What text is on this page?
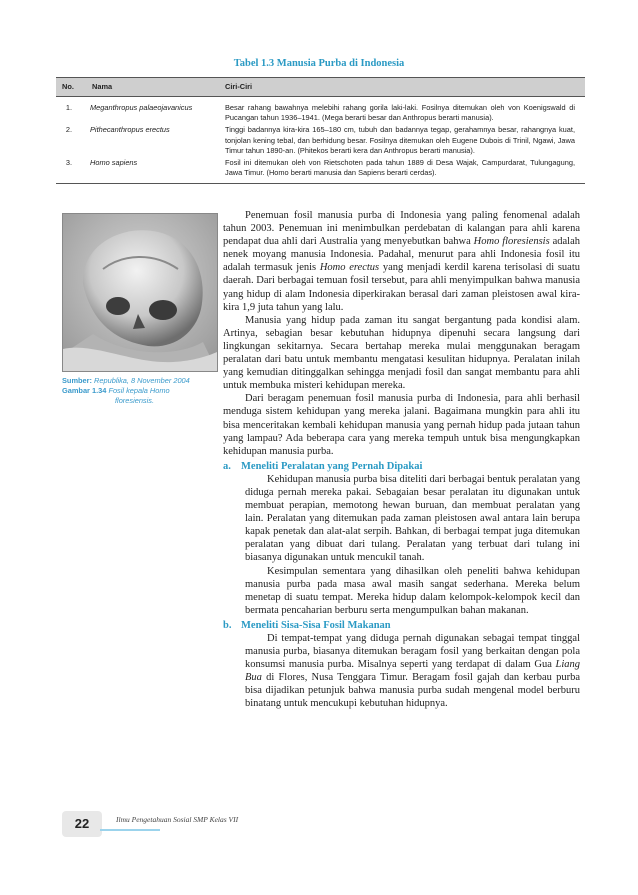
Tabel 1.3 Manusia Purba di Indonesia
No.	Nama	Ciri-Ciri
1.	Meganthropus palaeojavanicus	Besar rahang bawahnya melebihi rahang gorila laki-laki. Fosilnya ditemukan oleh von Koenigswald di Pucangan tahun 1936–1941. (Mega berarti besar dan Anthropus berarti manusia).
2.	Pithecanthropus erectus	Tinggi badannya kira-kira 165–180 cm, tubuh dan badannya tegap, gerahamnya besar, rahangnya kuat, tonjolan kening tebal, dan berhidung besar. Fosilnya ditemukan oleh Eugene Dubois di Trinil, Ngawi, Jawa Timur tahun 1890-an. (Phitekos berarti kera dan Anthropus berarti manusia).
3.	Homo sapiens	Fosil ini ditemukan oleh von Rietschoten pada tahun 1889 di Desa Wajak, Campurdarat, Tulungagung, Jawa Timur. (Homo berarti manusia dan Sapiens berarti cerdas).
Sumber: Republika, 8 November 2004
Gambar 1.34 Fosil kepala Homo
floresiensis.

Penemuan fosil manusia purba di Indonesia yang paling fenomenal adalah tahun 2003. Penemuan ini menimbulkan perdebatan di kalangan para ahli karena pendapat dua ahli dari Australia yang menyebutkan bahwa Homo floresiensis adalah nenek moyang manusia Indonesia. Padahal, menurut para ahli Indonesia fosil itu adalah termasuk jenis Homo erectus yang menjadi kerdil karena terisolasi di suatu daerah. Dari berbagai temuan fosil tersebut, para ahli menyimpulkan bahwa manusia yang hidup di alam Indonesia diperkirakan berasal dari zaman pleistosen awal kira-kira 1,9 juta tahun yang lalu.

Manusia yang hidup pada zaman itu sangat bergantung pada kondisi alam. Artinya, sebagian besar kebutuhan hidupnya dipenuhi secara langsung dari lingkungan sekitarnya. Secara bertahap mereka mulai menggunakan beragam peralatan dari batu untuk membantu mengatasi kesulitan hidupnya. Peralatan inilah yang kemudian ditinggalkan sehingga menjadi fosil dan sangat membantu para ahli untuk membuka misteri kehidupan mereka.

Dari beragam penemuan fosil manusia purba di Indonesia, para ahli berhasil menduga sistem kehidupan yang mereka jalani. Bagaimana mungkin para ahli itu bisa menceritakan kembali kehidupan manusia yang pernah hidup pada jutaan tahun yang lampau? Ada beberapa cara yang mereka tempuh untuk bisa mengungkapkan kehidupan manusia purba.

a. Meneliti Peralatan yang Pernah Dipakai

Kehidupan manusia purba bisa diteliti dari berbagai bentuk peralatan yang diduga pernah mereka pakai. Sebagaian besar peralatan itu digunakan untuk membuat perapian, memotong hewan buruan, dan membuat peralatan yang lain. Peralatan yang ditemukan pada zaman pleistosen awal antara lain berupa kapak penetak dan alat-alat serpih. Bahkan, di berbagai tempat juga ditemukan peralatan yang dibuat dari tulang. Peralatan yang terbuat dari tulang ini biasanya digunakan untuk mencukil tanah.

Kesimpulan sementara yang dihasilkan oleh peneliti bahwa kehidupan manusia purba pada masa awal masih sangat sederhana. Mereka belum menetap di suatu tempat. Mereka hidup dalam kelompok-kelompok kecil dan bermata pencaharian berburu serta mengumpulkan bahan makanan.

b. Meneliti Sisa-Sisa Fosil Makanan

Di tempat-tempat yang diduga pernah digunakan sebagai tempat tinggal manusia purba, biasanya ditemukan beragam fosil yang berkaitan dengan pola konsumsi manusia purba. Misalnya seperti yang terdapat di dalam Gua Liang Bua di Flores, Nusa Tenggara Timur. Beragam fosil gajah dan kerbau purba bisa dijadikan petunjuk bahwa manusia purba sudah mengenal model berburu binatang untuk mencukupi kebutuhan hidupnya.

22	Ilmu Pengetahuan Sosial SMP Kelas VII
